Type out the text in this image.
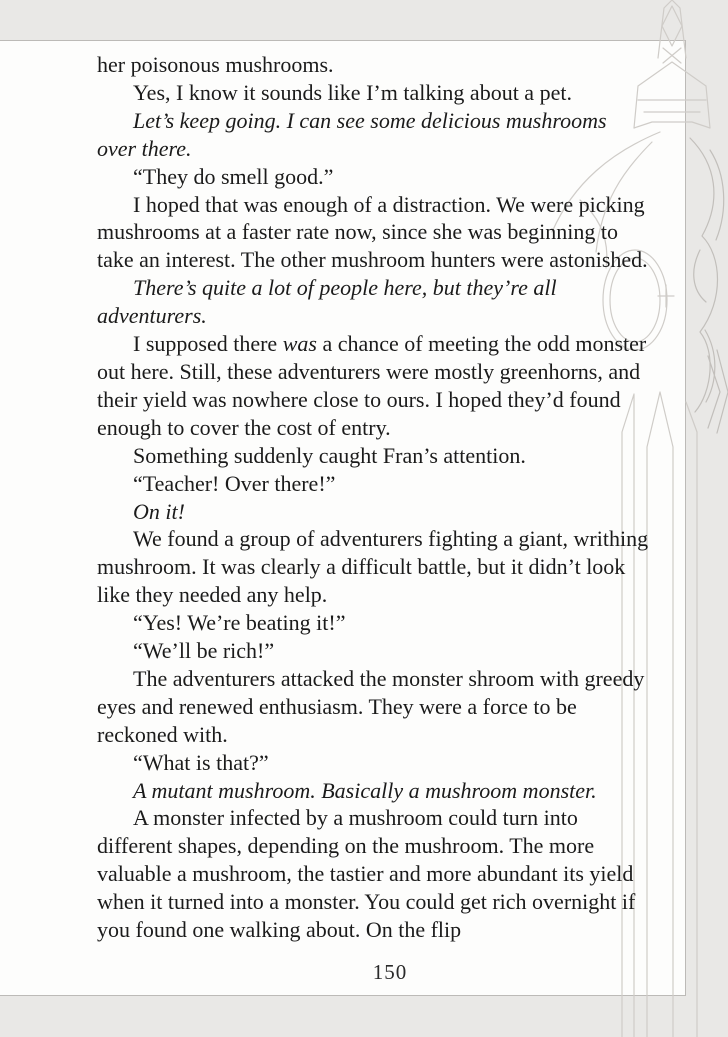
her poisonous mushrooms.

Yes, I know it sounds like I’m talking about a pet.

Let’s keep going. I can see some delicious mushrooms over there.

“They do smell good.”

I hoped that was enough of a distraction. We were picking mushrooms at a faster rate now, since she was beginning to take an interest. The other mushroom hunters were astonished.

There’s quite a lot of people here, but they’re all adventurers.

I supposed there was a chance of meeting the odd monster out here. Still, these adventurers were mostly greenhorns, and their yield was nowhere close to ours. I hoped they’d found enough to cover the cost of entry.

Something suddenly caught Fran’s attention.

“Teacher! Over there!”

On it!

We found a group of adventurers fighting a giant, writhing mushroom. It was clearly a difficult battle, but it didn’t look like they needed any help.

“Yes! We’re beating it!”

“We’ll be rich!”

The adventurers attacked the monster shroom with greedy eyes and renewed enthusiasm. They were a force to be reckoned with.

“What is that?”

A mutant mushroom. Basically a mushroom monster.

A monster infected by a mushroom could turn into different shapes, depending on the mushroom. The more valuable a mushroom, the tastier and more abundant its yield when it turned into a monster. You could get rich overnight if you found one walking about. On the flip

150
